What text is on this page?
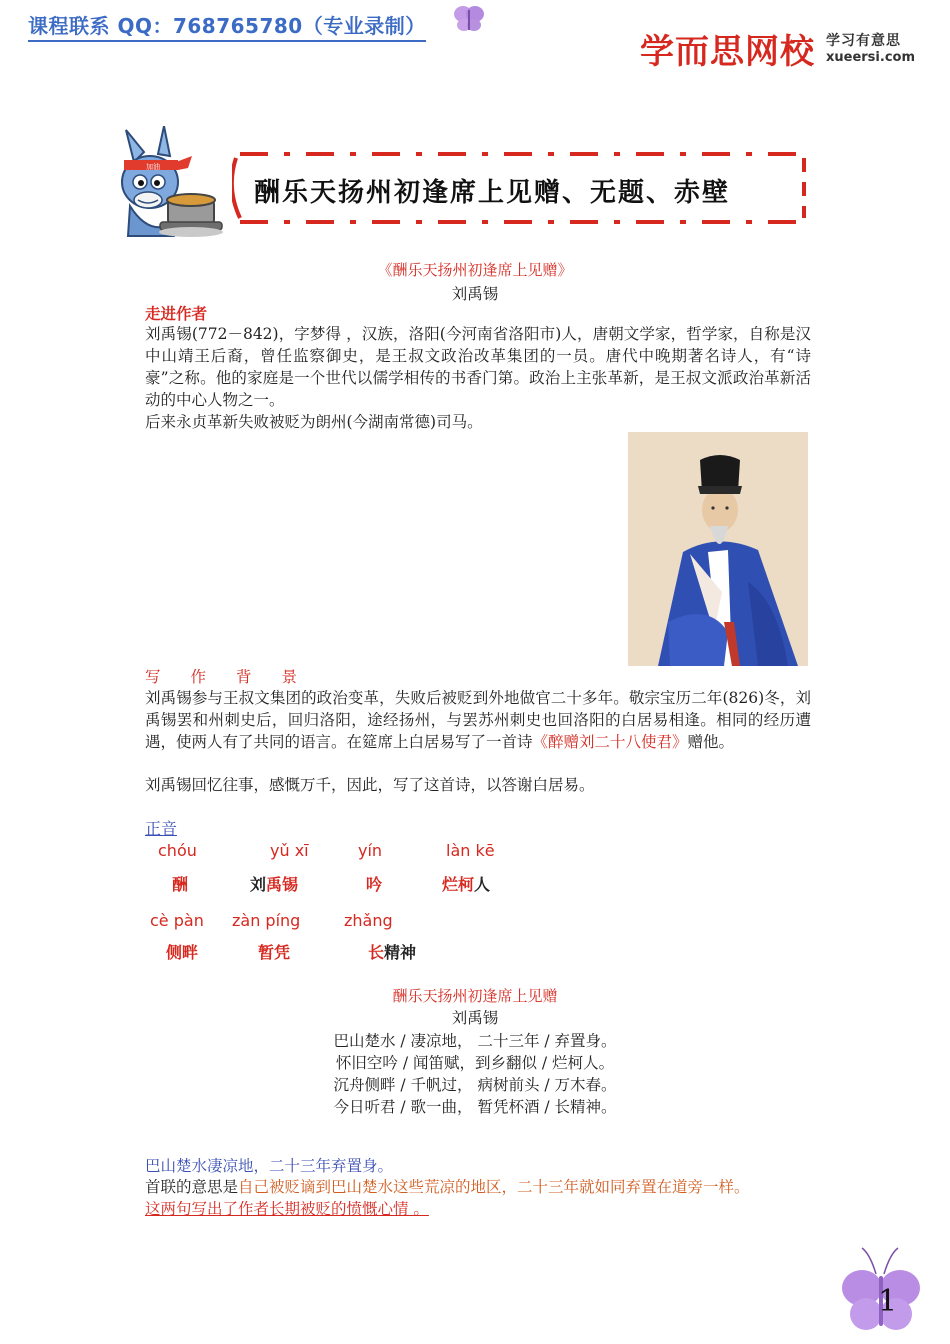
课程联系 QQ：768765780（专业录制）
学而思网校 学习有意思
xueersi.com
加油
酬乐天扬州初逢席上见赠、无题、赤壁
《酬乐天扬州初逢席上见赠》
刘禹锡
走进作者
刘禹锡(772－842)，字梦得 ，汉族，洛阳(今河南省洛阳市)人，唐朝文学家，哲学家，自称是汉中山靖王后裔，曾任监察御史，是王叔文政治改革集团的一员。唐代中晚期著名诗人，有“诗豪”之称。他的家庭是一个世代以儒学相传的书香门第。政治上主张革新，是王叔文派政治革新活动的中心人物之一。
后来永贞革新失败被贬为朗州(今湖南常德)司马。
写作背景
刘禹锡参与王叔文集团的政治变革，失败后被贬到外地做官二十多年。敬宗宝历二年(826)冬，刘禹锡罢和州刺史后，回归洛阳，途经扬州，与罢苏州刺史也回洛阳的白居易相逢。相同的经历遭遇，使两人有了共同的语言。在筵席上白居易写了一首诗《醉赠刘二十八使君》赠他。
刘禹锡回忆往事，感慨万千，因此，写了这首诗，以答谢白居易。
正音
chóu
酬
yǔ xī
刘禹锡
yín
吟
làn kē
烂柯人
cè pàn
侧畔
zàn píng
暂凭
zhǎng
长精神
酬乐天扬州初逢席上见赠
刘禹锡
巴山楚水 / 凄凉地， 二十三年 / 弃置身。
怀旧空吟 / 闻笛赋，到乡翻似 / 烂柯人。
沉舟侧畔 / 千帆过， 病树前头 / 万木春。
今日听君 / 歌一曲， 暂凭杯酒 / 长精神。
巴山楚水凄凉地，二十三年弃置身。
首联的意思是自己被贬谪到巴山楚水这些荒凉的地区，二十三年就如同弃置在道旁一样。
这两句写出了作者长期被贬的愤慨心情 。
1
